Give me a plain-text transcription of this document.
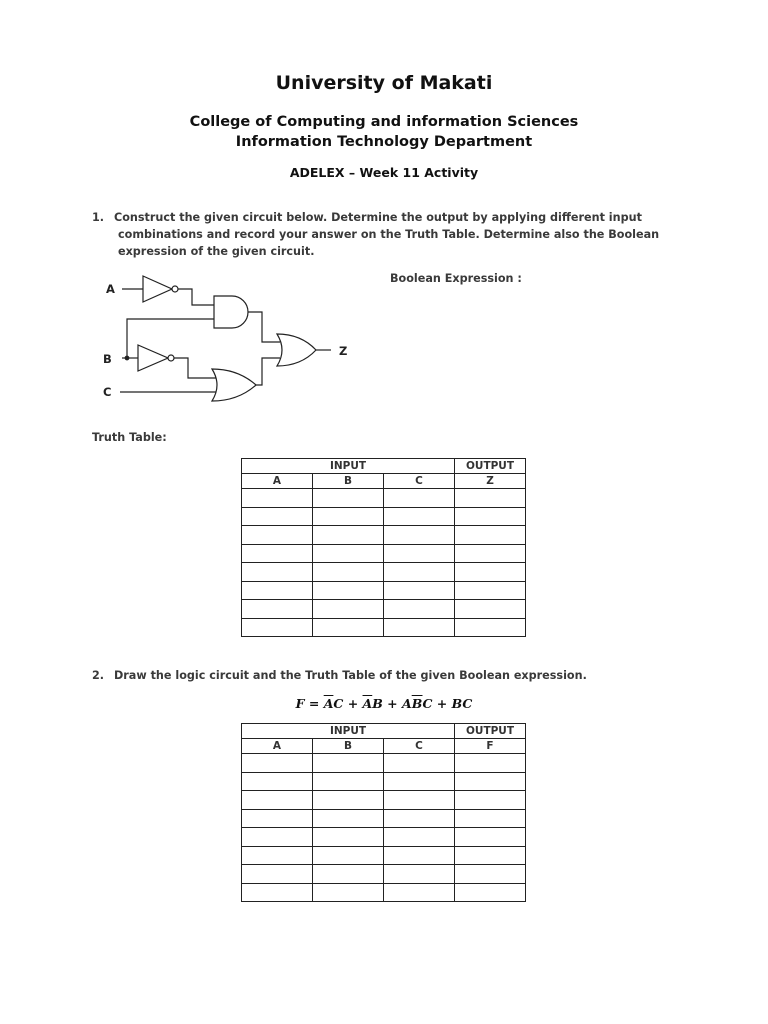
University of Makati
College of Computing and information Sciences
Information Technology Department
ADELEX – Week 11 Activity
1. Construct the given circuit below. Determine the output by applying different input
combinations and record your answer on the Truth Table. Determine also the Boolean
expression of the given circuit.
Boolean Expression :
A
B
C
Z
Truth Table:
INPUT			OUTPUT
A	B	C	Z

2. Draw the logic circuit and the Truth Table of the given Boolean expression.
$F = \overline{A}C + \overline{A}B + A\overline{B}C$ + BC
INPUT			OUTPUT
A	B	C	F
